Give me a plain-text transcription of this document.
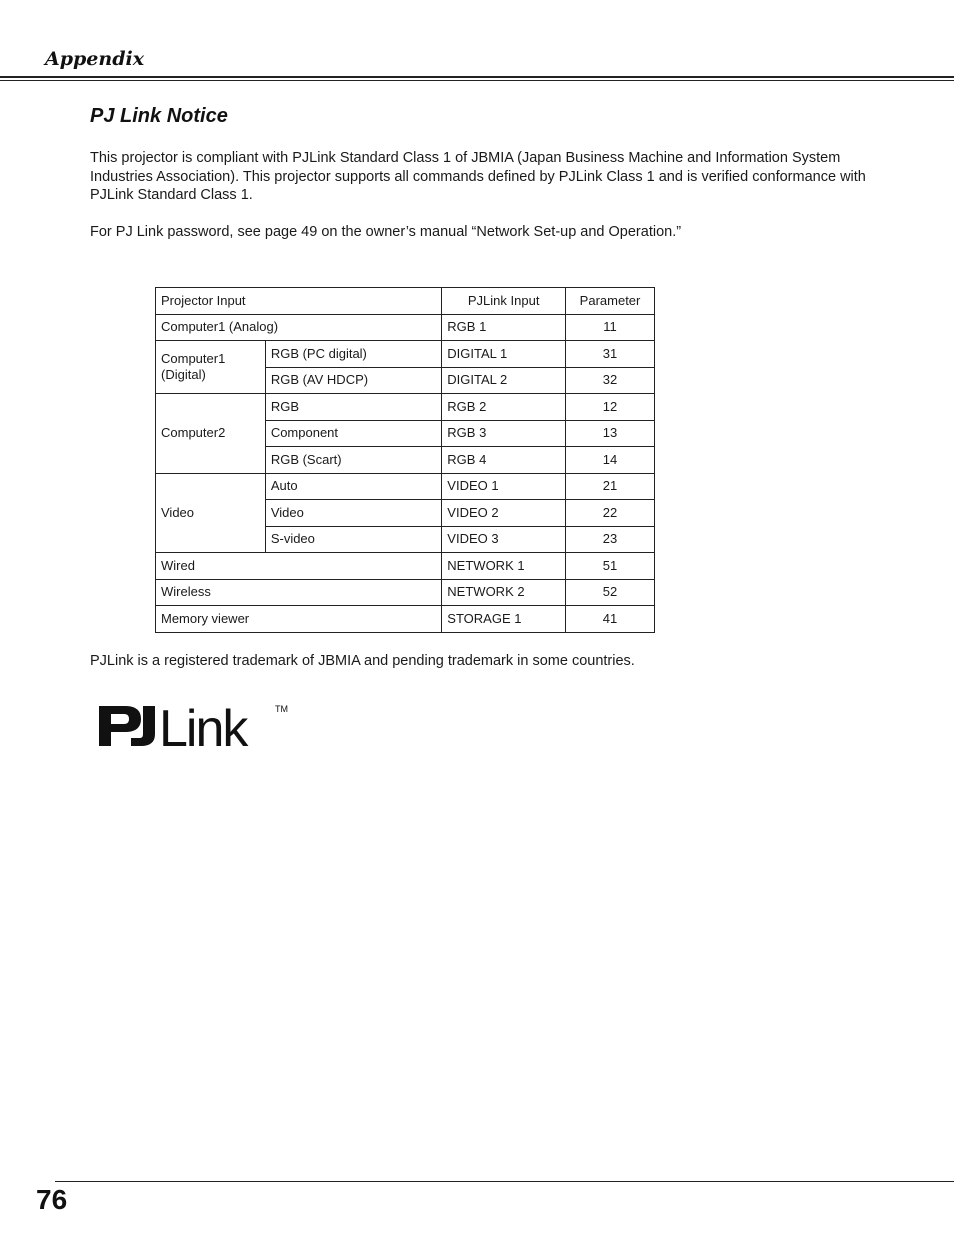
Appendix
PJ Link Notice
This projector is compliant with PJLink Standard Class 1 of JBMIA (Japan Business Machine and Information System Industries Association). This projector supports all commands defined by PJLink Class 1 and is verified conformance with PJLink Standard Class 1.
For PJ Link password, see page 49 on the owner’s manual “Network Set-up and Operation.”
Projector Input		PJLink Input	Parameter
Computer1 (Analog)		RGB 1	11
Computer1 (Digital)	RGB (PC digital)	DIGITAL 1	31
	RGB (AV HDCP)	DIGITAL 2	32
Computer2	RGB	RGB 2	12
	Component	RGB 3	13
	RGB (Scart)	RGB 4	14
Video	Auto	VIDEO 1	21
	Video	VIDEO 2	22
	S-video	VIDEO 3	23
Wired		NETWORK 1	51
Wireless		NETWORK 2	52
Memory viewer		STORAGE 1	41
PJLink is a registered trademark of JBMIA and pending trademark in some countries.
Link	TM
76
